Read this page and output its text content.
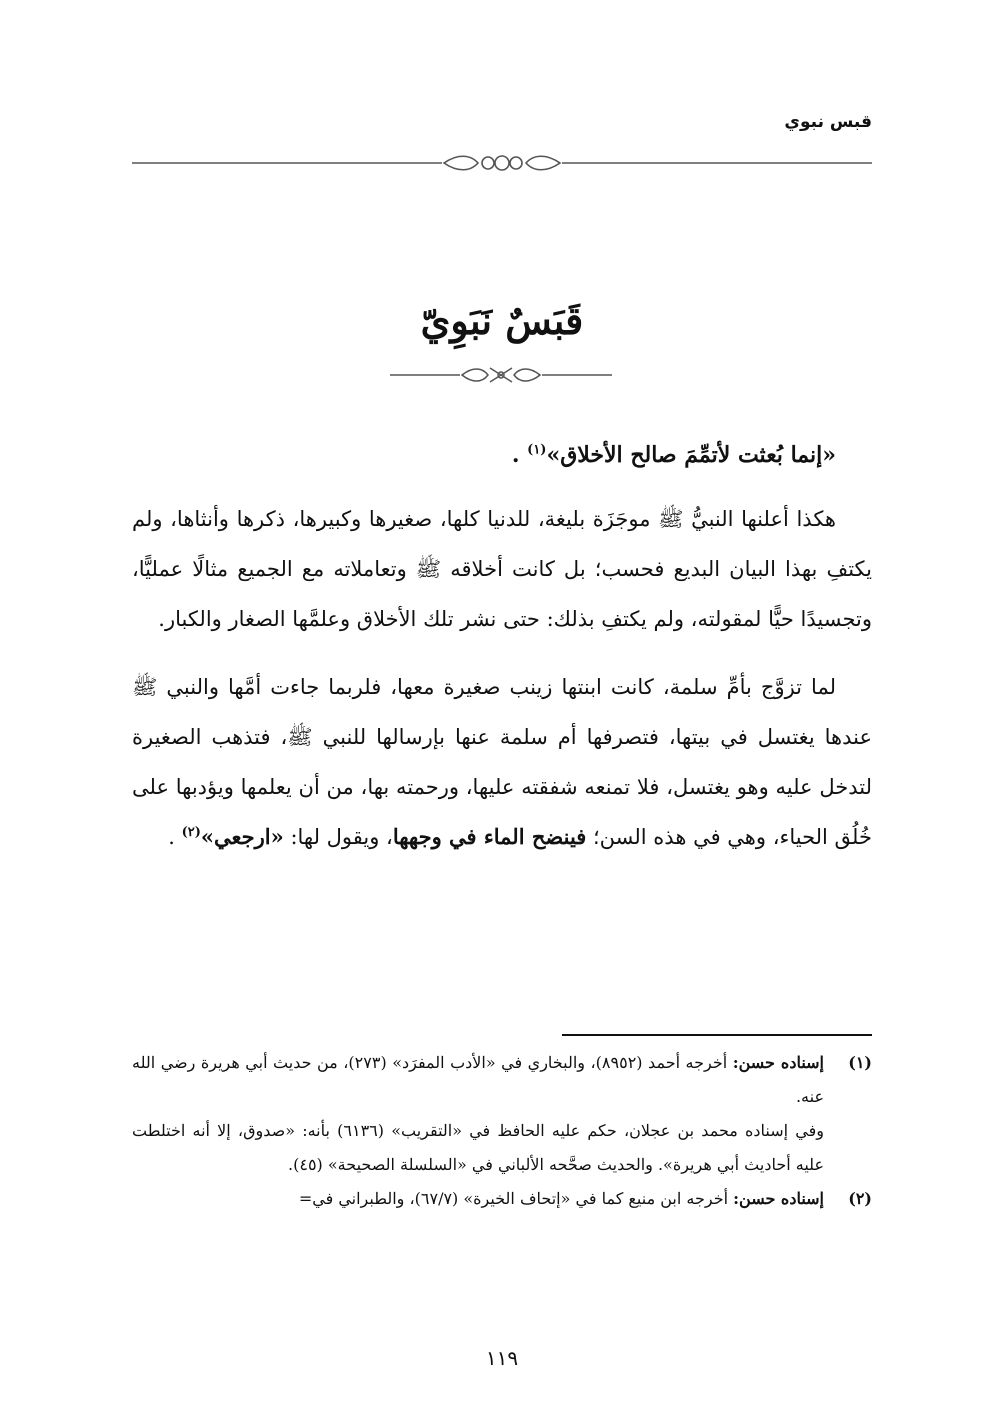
قبس نبوي
قَبَسٌ نَبَوِيّ

«إنما بُعثت لأتمِّمَ صالح الأخلاق»$^{(١)}$ .

هكذا أعلنها النبيُّ ﷺ موجَزَة بليغة، للدنيا كلها، صغيرها وكبيرها، ذكرها وأنثاها، ولم يكتفِ بهذا البيان البديع فحسب؛ بل كانت أخلاقه ﷺ وتعاملاته مع الجميع مثالًا عمليًّا، وتجسيدًا حيًّا لمقولته، ولم يكتفِ بذلك: حتى نشر تلك الأخلاق وعلمَّها الصغار والكبار.

لما تزوَّج بأمِّ سلمة، كانت ابنتها زينب صغيرة معها، فلربما جاءت أمَّها والنبي ﷺ عندها يغتسل في بيتها، فتصرفها أم سلمة عنها بإرسالها للنبي ﷺ، فتذهب الصغيرة لتدخل عليه وهو يغتسل، فلا تمنعه شفقته عليها، ورحمته بها، من أن يعلمها ويؤدبها على خُلُق الحياء، وهي في هذه السن؛ فينضح الماء في وجهها، ويقول لها: «ارجعي»$^{(٢)}$ .

(١)

إسناده حسن: أخرجه أحمد (٨٩٥٢)، والبخاري في «الأدب المفرَد» (٢٧٣)، من حديث أبي هريرة رضي الله عنه.

وفي إسناده محمد بن عجلان، حكم عليه الحافظ في «التقريب» (٦١٣٦) بأنه: «صدوق، إلا أنه اختلطت عليه أحاديث أبي هريرة». والحديث صحَّحه الألباني في «السلسلة الصحيحة» (٤٥).

(٢)

إسناده حسن: أخرجه ابن منيع كما في «إتحاف الخيرة» (٦٧/٧)، والطبراني في=

١١٩
